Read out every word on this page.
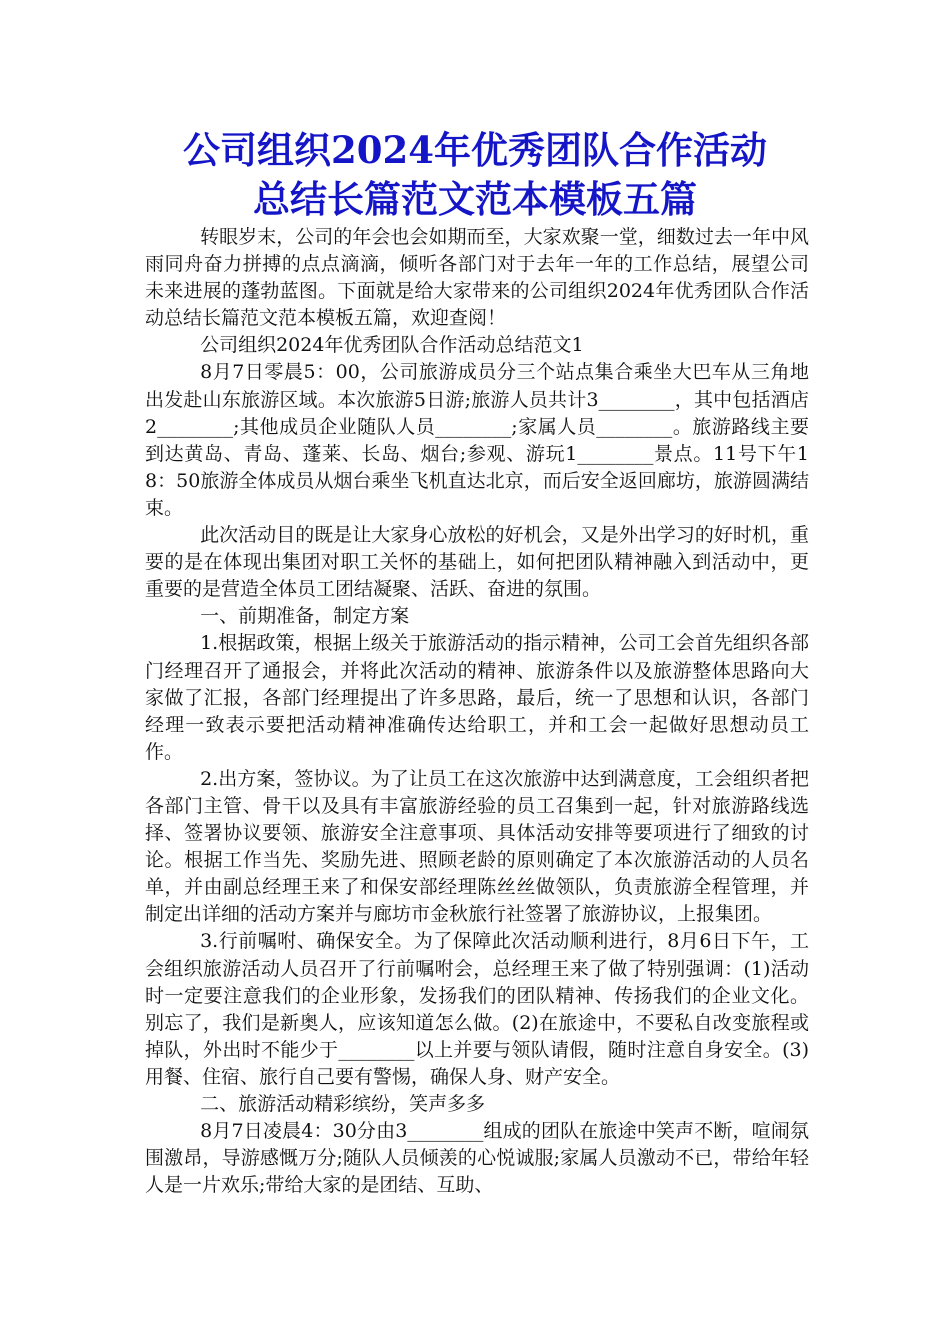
公司组织2024年优秀团队合作活动
总结长篇范文范本模板五篇

转眼岁末，公司的年会也会如期而至，大家欢聚一堂，细数过去一年中风雨同舟奋力拼搏的点点滴滴，倾听各部门对于去年一年的工作总结，展望公司未来进展的蓬勃蓝图。下面就是给大家带来的公司组织2024年优秀团队合作活动总结长篇范文范本模板五篇，欢迎查阅！

公司组织2024年优秀团队合作活动总结范文1

8月7日零晨5：00，公司旅游成员分三个站点集合乘坐大巴车从三角地出发赴山东旅游区域。本次旅游5日游;旅游人员共计3________，其中包括酒店2________;其他成员企业随队人员________;家属人员________。旅游路线主要到达黄岛、青岛、蓬莱、长岛、烟台;参观、游玩1________景点。11号下午18：50旅游全体成员从烟台乘坐飞机直达北京，而后安全返回廊坊，旅游圆满结束。

此次活动目的既是让大家身心放松的好机会，又是外出学习的好时机，重要的是在体现出集团对职工关怀的基础上，如何把团队精神融入到活动中，更重要的是营造全体员工团结凝聚、活跃、奋进的氛围。

一、前期准备，制定方案

1.根据政策，根据上级关于旅游活动的指示精神，公司工会首先组织各部门经理召开了通报会，并将此次活动的精神、旅游条件以及旅游整体思路向大家做了汇报，各部门经理提出了许多思路，最后，统一了思想和认识，各部门经理一致表示要把活动精神准确传达给职工，并和工会一起做好思想动员工作。

2.出方案，签协议。为了让员工在这次旅游中达到满意度，工会组织者把各部门主管、骨干以及具有丰富旅游经验的员工召集到一起，针对旅游路线选择、签署协议要领、旅游安全注意事项、具体活动安排等要项进行了细致的讨论。根据工作当先、奖励先进、照顾老龄的原则确定了本次旅游活动的人员名单，并由副总经理王来了和保安部经理陈丝丝做领队，负责旅游全程管理，并制定出详细的活动方案并与廊坊市金秋旅行社签署了旅游协议，上报集团。

3.行前嘱咐、确保安全。为了保障此次活动顺利进行，8月6日下午，工会组织旅游活动人员召开了行前嘱咐会，总经理王来了做了特别强调：(1)活动时一定要注意我们的企业形象，发扬我们的团队精神、传扬我们的企业文化。别忘了，我们是新奥人，应该知道怎么做。(2)在旅途中，不要私自改变旅程或掉队，外出时不能少于________以上并要与领队请假，随时注意自身安全。(3)用餐、住宿、旅行自己要有警惕，确保人身、财产安全。

二、旅游活动精彩缤纷，笑声多多

8月7日凌晨4：30分由3________组成的团队在旅途中笑声不断，喧闹氛围激昂，导游感慨万分;随队人员倾羡的心悦诚服;家属人员激动不已，带给年轻人是一片欢乐;带给大家的是团结、互助、
